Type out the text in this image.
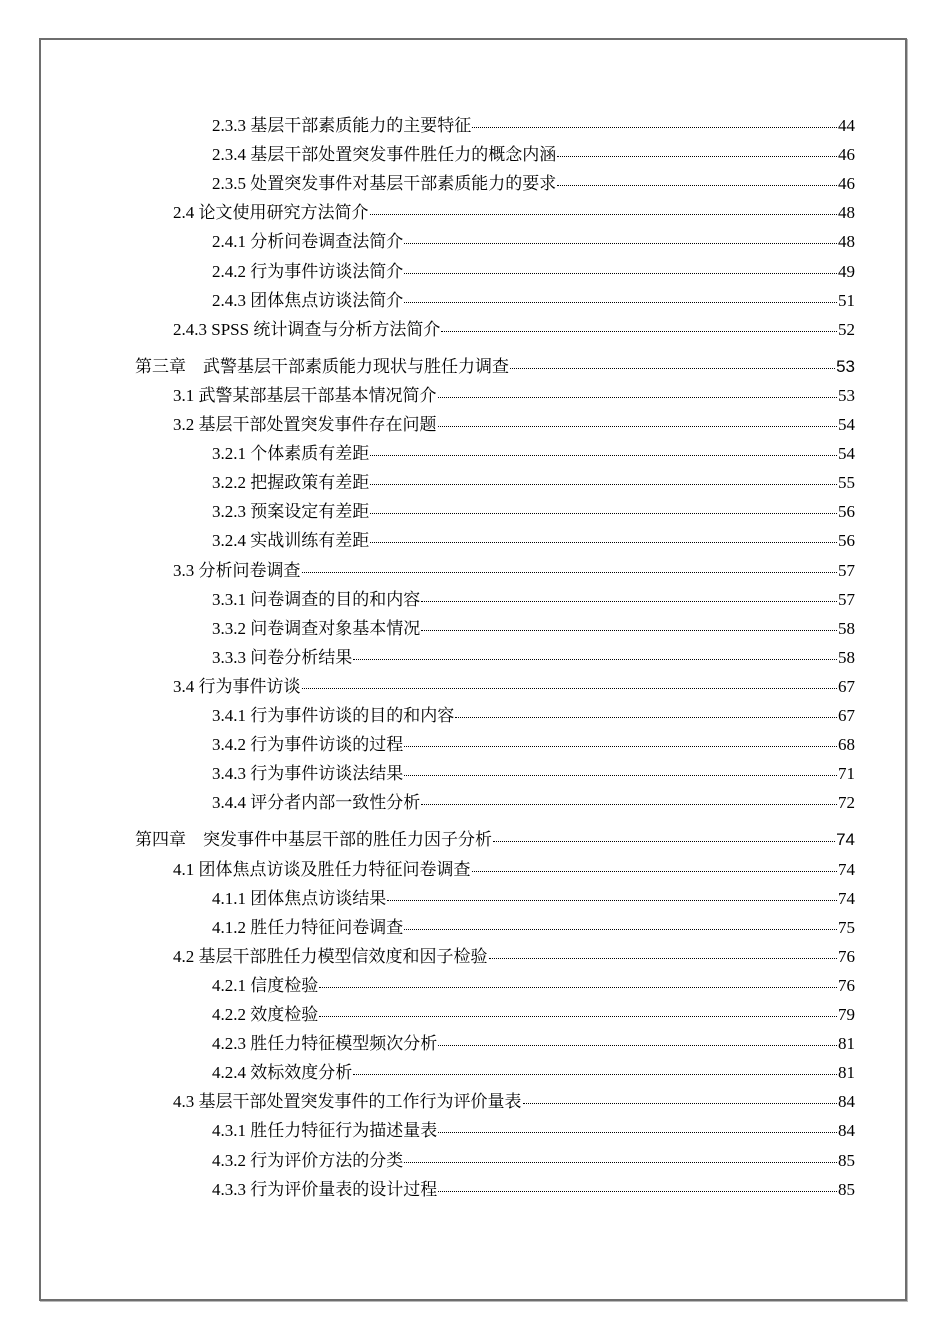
2.3.3 基层干部素质能力的主要特征	44
2.3.4 基层干部处置突发事件胜任力的概念内涵	46
2.3.5 处置突发事件对基层干部素质能力的要求	46
2.4 论文使用研究方法简介	48
2.4.1 分析问卷调查法简介	48
2.4.2 行为事件访谈法简介	49
2.4.3 团体焦点访谈法简介	51
2.4.3 SPSS 统计调查与分析方法简介	52
第三章　武警基层干部素质能力现状与胜任力调查	53
3.1 武警某部基层干部基本情况简介	53
3.2 基层干部处置突发事件存在问题	54
3.2.1 个体素质有差距	54
3.2.2 把握政策有差距	55
3.2.3 预案设定有差距	56
3.2.4 实战训练有差距	56
3.3 分析问卷调查	57
3.3.1 问卷调查的目的和内容	57
3.3.2 问卷调查对象基本情况	58
3.3.3 问卷分析结果	58
3.4 行为事件访谈	67
3.4.1 行为事件访谈的目的和内容	67
3.4.2 行为事件访谈的过程	68
3.4.3 行为事件访谈法结果	71
3.4.4 评分者内部一致性分析	72
第四章　突发事件中基层干部的胜任力因子分析	74
4.1 团体焦点访谈及胜任力特征问卷调查	74
4.1.1 团体焦点访谈结果	74
4.1.2 胜任力特征问卷调查	75
4.2 基层干部胜任力模型信效度和因子检验	76
4.2.1 信度检验	76
4.2.2 效度检验	79
4.2.3 胜任力特征模型频次分析	81
4.2.4 效标效度分析	81
4.3 基层干部处置突发事件的工作行为评价量表	84
4.3.1 胜任力特征行为描述量表	84
4.3.2 行为评价方法的分类	85
4.3.3 行为评价量表的设计过程	85
